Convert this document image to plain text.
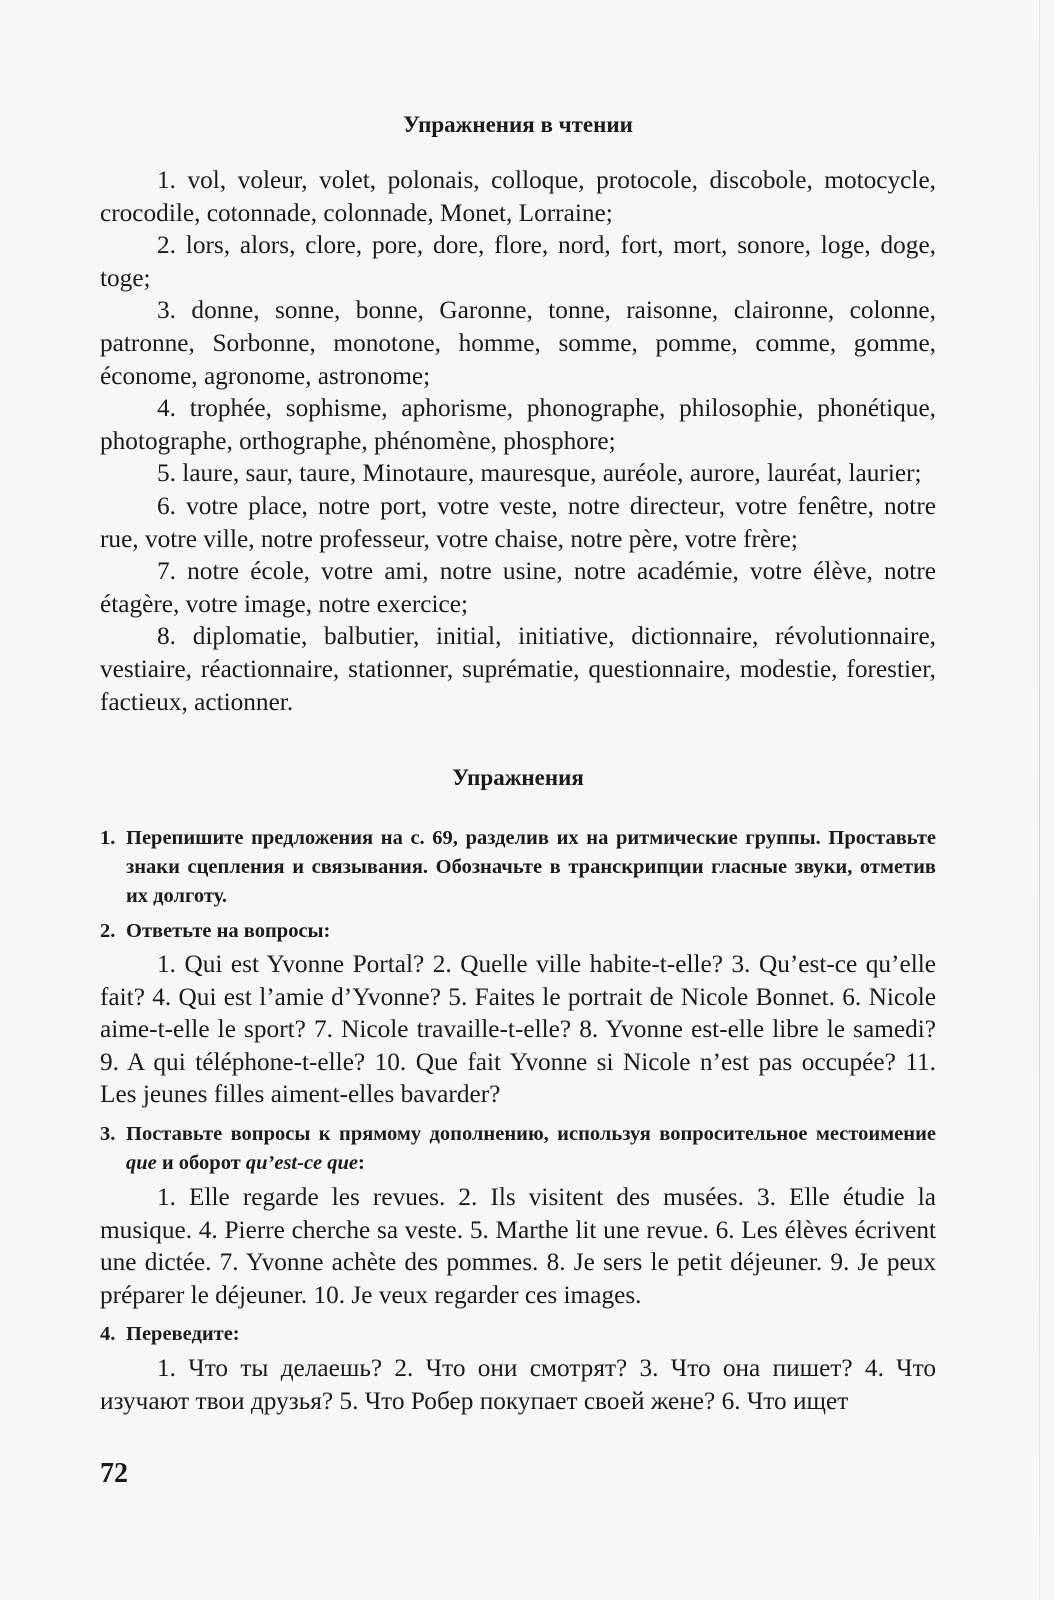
Упражнения в чтении

1. vol, voleur, volet, polonais, colloque, protocole, discobole, motocycle, crocodile, cotonnade, colonnade, Monet, Lorraine;

2. lors, alors, clore, pore, dore, flore, nord, fort, mort, sonore, loge, doge, toge;

3. donne, sonne, bonne, Garonne, tonne, raisonne, claironne, colonne, patronne, Sorbonne, monotone, homme, somme, pomme, comme, gomme, économe, agronome, astronome;

4. trophée, sophisme, aphorisme, phonographe, philosophie, phonétique, photographe, orthographe, phénomène, phosphore;

5. laure, saur, taure, Minotaure, mauresque, auréole, aurore, lauréat, laurier;

6. votre place, notre port, votre veste, notre directeur, votre fenêtre, notre rue, votre ville, notre professeur, votre chaise, notre père, votre frère;

7. notre école, votre ami, notre usine, notre académie, votre élève, notre étagère, votre image, notre exercice;

8. diplomatie, balbutier, initial, initiative, dictionnaire, révolutionnaire, vestiaire, réactionnaire, stationner, suprématie, questionnaire, modestie, forestier, factieux, actionner.

Упражнения

1. Перепишите предложения на с. 69, разделив их на ритмические группы. Проставьте знаки сцепления и связывания. Обозначьте в транскрипции гласные звуки, отметив их долготу.

2. Ответьте на вопросы:

1. Qui est Yvonne Portal? 2. Quelle ville habite-t-elle? 3. Qu’est-ce qu’elle fait? 4. Qui est l’amie d’Yvonne? 5. Faites le portrait de Nicole Bonnet. 6. Nicole aime-t-elle le sport? 7. Nicole travaille-t-elle? 8. Yvonne est-elle libre le samedi? 9. A qui téléphone-t-elle? 10. Que fait Yvonne si Nicole n’est pas occupée? 11. Les jeunes filles aiment-elles bavarder?

3. Поставьте вопросы к прямому дополнению, используя вопросительное местоимение que и оборот qu’est-ce que:

1. Elle regarde les revues. 2. Ils visitent des musées. 3. Elle étudie la musique. 4. Pierre cherche sa veste. 5. Marthe lit une revue. 6. Les élèves écrivent une dictée. 7. Yvonne achète des pommes. 8. Je sers le petit déjeuner. 9. Je peux préparer le déjeuner. 10. Je veux regarder ces images.

4. Переведите:

1. Что ты делаешь? 2. Что они смотрят? 3. Что она пишет? 4. Что изучают твои друзья? 5. Что Робер покупает своей жене? 6. Что ищет

72
